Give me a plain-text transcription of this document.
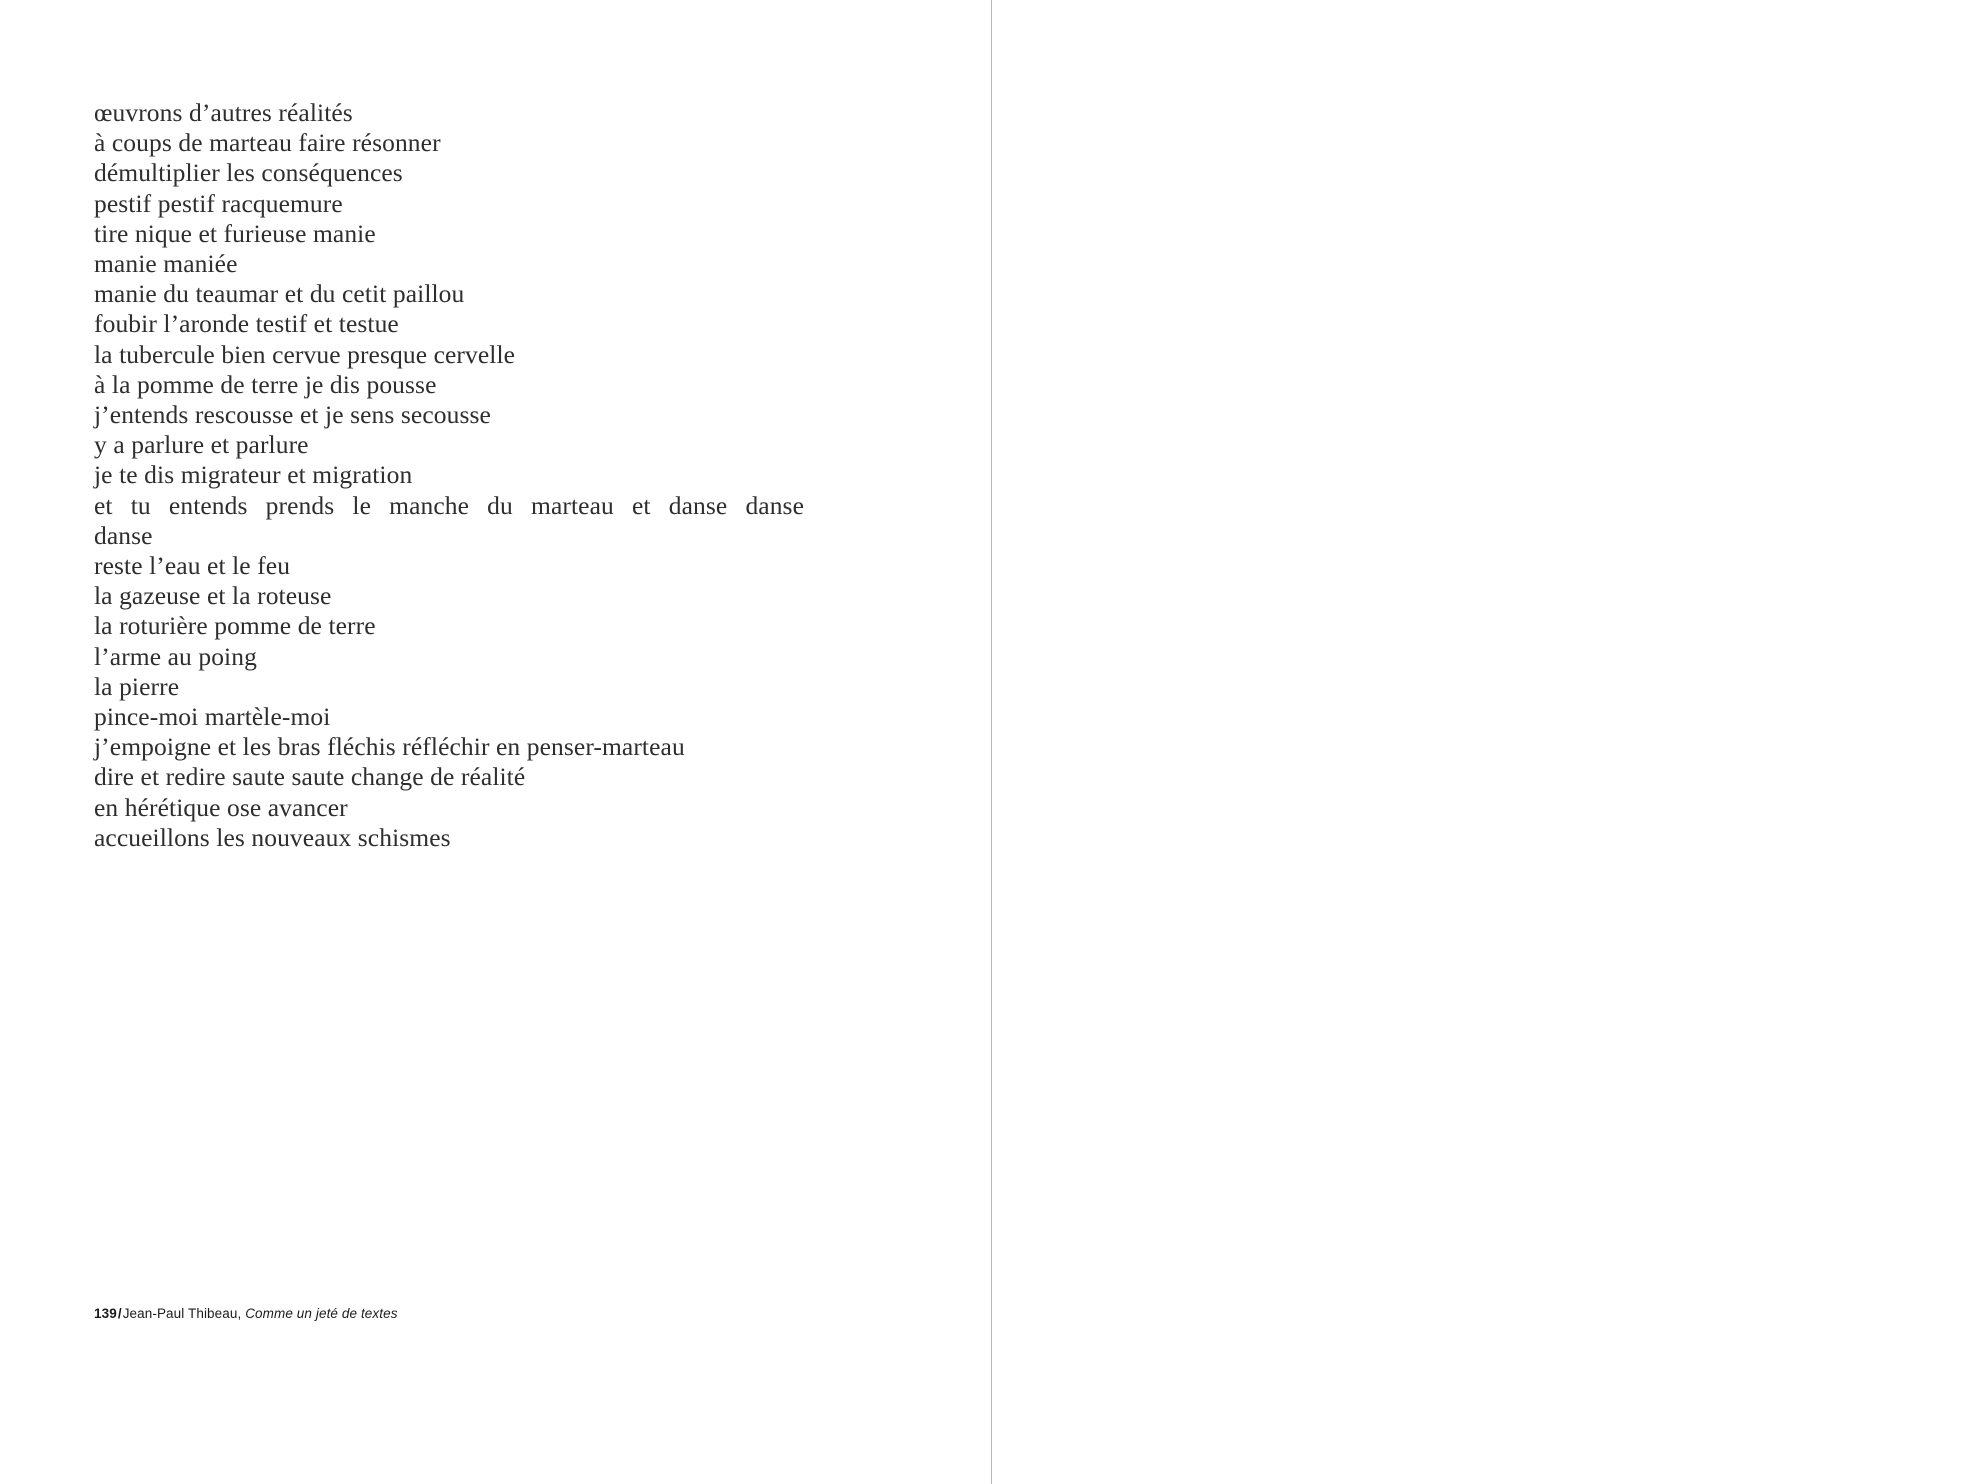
œuvrons d’autres réalités
à coups de marteau faire résonner
démultiplier les conséquences
pestif pestif racquemure
tire nique et furieuse manie
manie maniée
manie du teaumar et du cetit paillou
foubir l’aronde testif et testue
la tubercule bien cervue presque cervelle
à la pomme de terre je dis pousse
j’entends rescousse et je sens secousse
y a parlure et parlure
je te dis migrateur et migration
et tu entends prends le manche du marteau et danse danse
danse
reste l’eau et le feu
la gazeuse et la roteuse
la roturière pomme de terre
l’arme au poing
la pierre
pince-moi martèle-moi
j’empoigne et les bras fléchis réfléchir en penser-marteau
dire et redire saute saute change de réalité
en hérétique ose avancer
accueillons les nouveaux schismes
139/Jean-Paul Thibeau, Comme un jeté de textes
